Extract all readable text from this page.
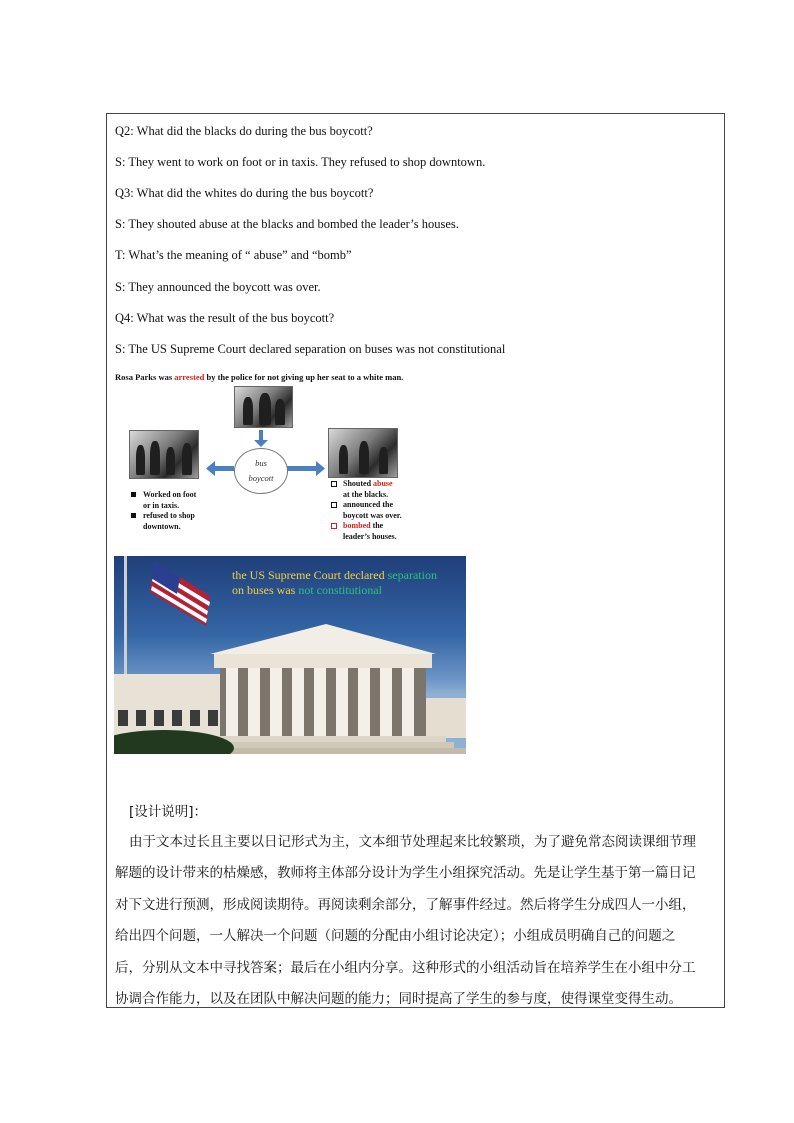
Q2: What did the blacks do during the bus boycott?
S: They went to work on foot or in taxis. They refused to shop downtown.
Q3: What did the whites do during the bus boycott?
S: They shouted abuse at the blacks and bombed the leader’s houses.
T: What’s the meaning of “ abuse” and “bomb”
S: They announced the boycott was over.
Q4: What was the result of the bus boycott?
S: The US Supreme Court declared separation on buses was not constitutional
Rosa Parks was arrested by the police for not giving up her seat to a white man.
bus
boycott
Worked on foot
or in taxis.
refused to shop
downtown.
Shouted abuse
at the blacks.
announced the
boycott was over.
bombed the
leader’s houses.
the US Supreme Court declared separation
on buses was not constitutional
[设计说明]：
由于文本过长且主要以日记形式为主，文本细节处理起来比较繁琐，为了避免常态阅读课细节理
解题的设计带来的枯燥感，教师将主体部分设计为学生小组探究活动。先是让学生基于第一篇日记
对下文进行预测，形成阅读期待。再阅读剩余部分，了解事件经过。然后将学生分成四人一小组，
给出四个问题，一人解决一个问题（问题的分配由小组讨论决定）；小组成员明确自己的问题之
后，分别从文本中寻找答案；最后在小组内分享。这种形式的小组活动旨在培养学生在小组中分工
协调合作能力，以及在团队中解决问题的能力；同时提高了学生的参与度，使得课堂变得生动。
